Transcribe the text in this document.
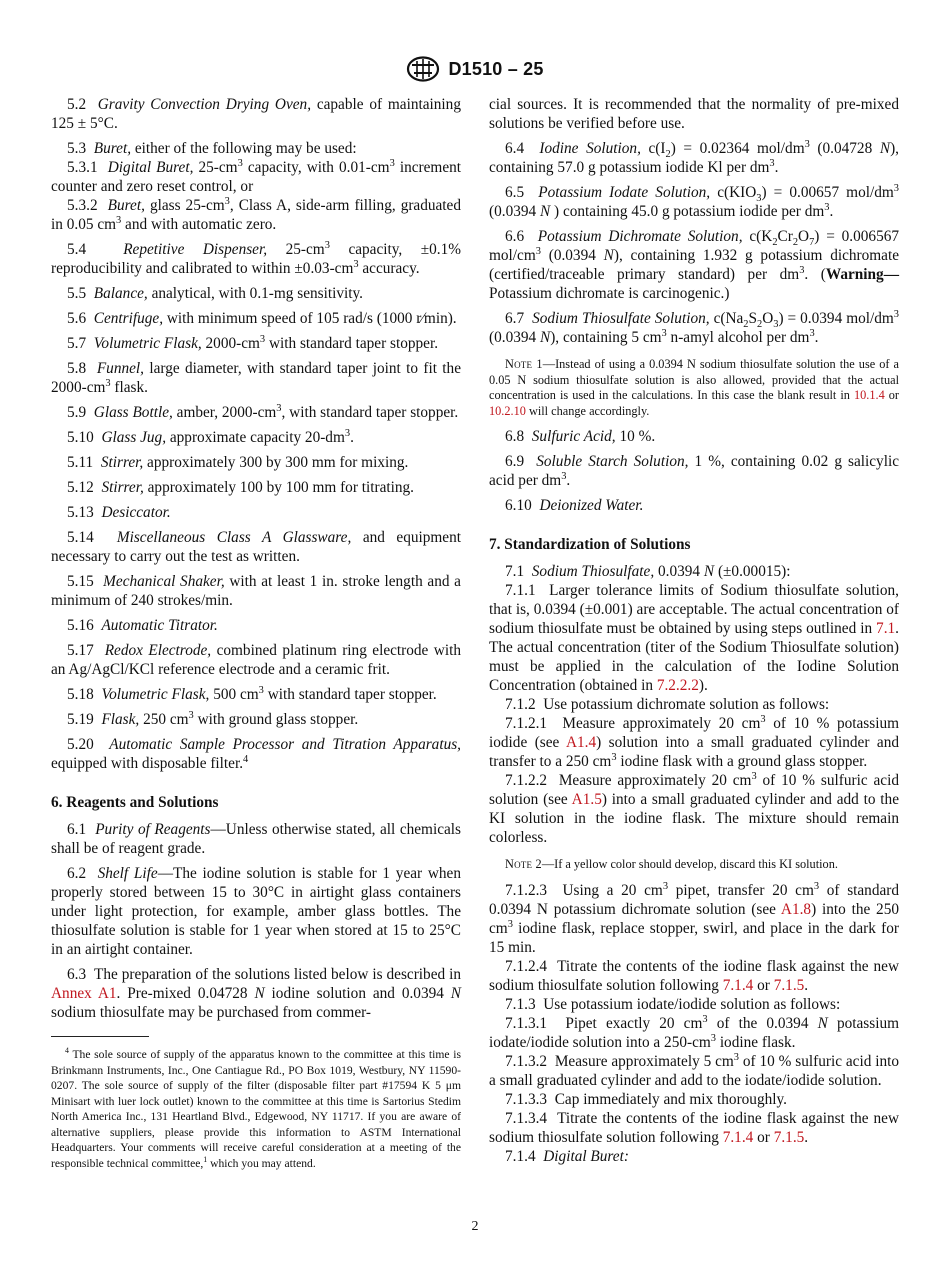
D1510 – 25

5.2 Gravity Convection Drying Oven, capable of maintaining 125 ± 5°C.

5.3 Buret, either of the following may be used:

5.3.1 Digital Buret, $25-cm^3$ capacity, with $0.01-cm^3$ increment counter and zero reset control, or

5.3.2 Buret, glass $25-cm^3$, Class A, side-arm filling, graduated in 0.05 $cm^3$ and with automatic zero.

5.4 Repetitive Dispenser, $25-cm^3$ capacity, ±0.1% reproducibility and calibrated to within $\pm 0.03-cm^3$ accuracy.

5.5 Balance, analytical, with 0.1-mg sensitivity.

5.6 Centrifuge, with minimum speed of 105 rad/s (1000 r⁄min).

5.7 Volumetric Flask, $2000-cm^3$ with standard taper stopper.

5.8 Funnel, large diameter, with standard taper joint to fit the $2000-cm^3$ flask.

5.9 Glass Bottle, amber, $2000-cm^3$, with standard taper stopper.

5.10 Glass Jug, approximate capacity $20-dm^3$.

5.11 Stirrer, approximately 300 by 300 mm for mixing.

5.12 Stirrer, approximately 100 by 100 mm for titrating.

5.13 Desiccator.

5.14 Miscellaneous Class A Glassware, and equipment necessary to carry out the test as written.

5.15 Mechanical Shaker, with at least 1 in. stroke length and a minimum of 240 strokes/min.

5.16 Automatic Titrator.

5.17 Redox Electrode, combined platinum ring electrode with an Ag/AgCl/KCl reference electrode and a ceramic frit.

5.18 Volumetric Flask, 500 $cm^3$ with standard taper stopper.

5.19 Flask, 250 $cm^3$ with ground glass stopper.

5.20 Automatic Sample Processor and Titration Apparatus, equipped with disposable filter.$^4$

6. Reagents and Solutions

6.1 Purity of Reagents—Unless otherwise stated, all chemicals shall be of reagent grade.

6.2 Shelf Life—The iodine solution is stable for 1 year when properly stored between 15 to 30°C in airtight glass containers under light protection, for example, amber glass bottles. The thiosulfate solution is stable for 1 year when stored at 15 to 25°C in an airtight container.

6.3 The preparation of the solutions listed below is described in Annex A1. Pre-mixed 0.04728 N iodine solution and 0.0394 N sodium thiosulfate may be purchased from commer-

$^4$ The sole source of supply of the apparatus known to the committee at this time is Brinkmann Instruments, Inc., One Cantiague Rd., PO Box 1019, Westbury, NY 11590-0207. The sole source of supply of the filter (disposable filter part #17594 K 5 μm Minisart with luer lock outlet) known to the committee at this time is Sartorius Stedim North America Inc., 131 Heartland Blvd., Edgewood, NY 11717. If you are aware of alternative suppliers, please provide this information to ASTM International Headquarters. Your comments will receive careful consideration at a meeting of the responsible technical committee,$^1$ which you may attend.

cial sources. It is recommended that the normality of pre-mixed solutions be verified before use.

6.4 Iodine Solution, $c(I_2) = 0.02364$ mol/$dm^3$ (0.04728 N), containing 57.0 g potassium iodide Kl per $dm^3$.

6.5 Potassium Iodate Solution, $c(KIO_3) = 0.00657$ mol/$dm^3$ (0.0394 N ) containing 45.0 g potassium iodide per $dm^3$.

6.6 Potassium Dichromate Solution, $c(K_2Cr_2O_7) = 0.006567$ mol/$cm^3$ (0.0394 N), containing 1.932 g potassium dichromate (certified/traceable primary standard) per $dm^3$. (Warning—Potassium dichromate is carcinogenic.)

6.7 Sodium Thiosulfate Solution, $c(Na_2S_2O_3) = 0.0394$ mol/$dm^3$ (0.0394 N), containing 5 $cm^3$ n-amyl alcohol per $dm^3$.

Note 1—Instead of using a 0.0394 N sodium thiosulfate solution the use of a 0.05 N sodium thiosulfate solution is also allowed, provided that the actual concentration is used in the calculations. In this case the blank result in 10.1.4 or 10.2.10 will change accordingly.

6.8 Sulfuric Acid, 10 %.

6.9 Soluble Starch Solution, 1 %, containing 0.02 g salicylic acid per $dm^3$.

6.10 Deionized Water.

7. Standardization of Solutions

7.1 Sodium Thiosulfate, 0.0394 N (±0.00015):

7.1.1 Larger tolerance limits of Sodium thiosulfate solution, that is, 0.0394 (±0.001) are acceptable. The actual concentration of sodium thiosulfate must be obtained by using steps outlined in 7.1. The actual concentration (titer of the Sodium Thiosulfate solution) must be applied in the calculation of the Iodine Solution Concentration (obtained in 7.2.2.2).

7.1.2 Use potassium dichromate solution as follows:

7.1.2.1 Measure approximately 20 $cm^3$ of 10 % potassium iodide (see A1.4) solution into a small graduated cylinder and transfer to a 250 $cm^3$ iodine flask with a ground glass stopper.

7.1.2.2 Measure approximately 20 $cm^3$ of 10 % sulfuric acid solution (see A1.5) into a small graduated cylinder and add to the KI solution in the iodine flask. The mixture should remain colorless.

Note 2—If a yellow color should develop, discard this KI solution.

7.1.2.3 Using a 20 $cm^3$ pipet, transfer 20 $cm^3$ of standard 0.0394 N potassium dichromate solution (see A1.8) into the 250 $cm^3$ iodine flask, replace stopper, swirl, and place in the dark for 15 min.

7.1.2.4 Titrate the contents of the iodine flask against the new sodium thiosulfate solution following 7.1.4 or 7.1.5.

7.1.3 Use potassium iodate/iodide solution as follows:

7.1.3.1 Pipet exactly 20 $cm^3$ of the 0.0394 N potassium iodate/iodide solution into a $250-cm^3$ iodine flask.

7.1.3.2 Measure approximately 5 $cm^3$ of 10 % sulfuric acid into a small graduated cylinder and add to the iodate/iodide solution.

7.1.3.3 Cap immediately and mix thoroughly.

7.1.3.4 Titrate the contents of the iodine flask against the new sodium thiosulfate solution following 7.1.4 or 7.1.5.

7.1.4 Digital Buret:

2
